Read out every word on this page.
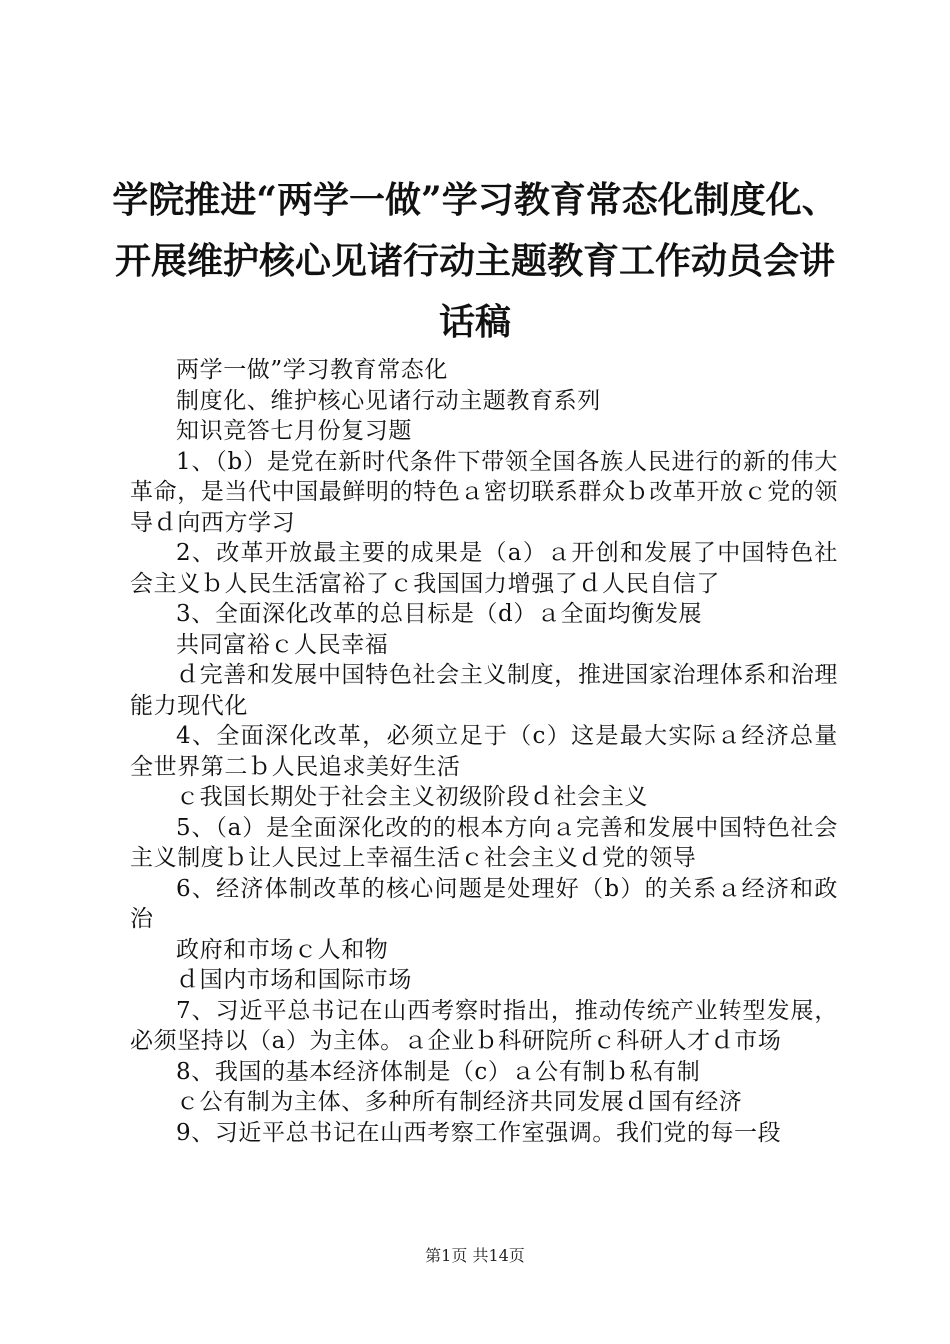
学院推进“两学一做”学习教育常态化制度化、开展维护核心见诸行动主题教育工作动员会讲话稿

两学一做”学习教育常态化

制度化、维护核心见诸行动主题教育系列

知识竞答七月份复习题

1、（b）是党在新时代条件下带领全国各族人民进行的新的伟大革命，是当代中国最鲜明的特色ａ密切联系群众ｂ改革开放ｃ党的领导ｄ向西方学习

2、改革开放最主要的成果是（a）ａ开创和发展了中国特色社会主义ｂ人民生活富裕了ｃ我国国力增强了ｄ人民自信了

3、全面深化改革的总目标是（d）ａ全面均衡发展

共同富裕ｃ人民幸福

ｄ完善和发展中国特色社会主义制度，推进国家治理体系和治理能力现代化

4、全面深化改革，必须立足于（c）这是最大实际ａ经济总量全世界第二ｂ人民追求美好生活

ｃ我国长期处于社会主义初级阶段ｄ社会主义

5、（a）是全面深化改的的根本方向ａ完善和发展中国特色社会主义制度ｂ让人民过上幸福生活ｃ社会主义ｄ党的领导

6、经济体制改革的核心问题是处理好（b）的关系ａ经济和政治

政府和市场ｃ人和物

ｄ国内市场和国际市场

7、习近平总书记在山西考察时指出，推动传统产业转型发展，必须坚持以（a）为主体。ａ企业ｂ科研院所ｃ科研人才ｄ市场

8、我国的基本经济体制是（c）ａ公有制ｂ私有制

ｃ公有制为主体、多种所有制经济共同发展ｄ国有经济

9、习近平总书记在山西考察工作室强调。我们党的每一段

第1页 共14页
